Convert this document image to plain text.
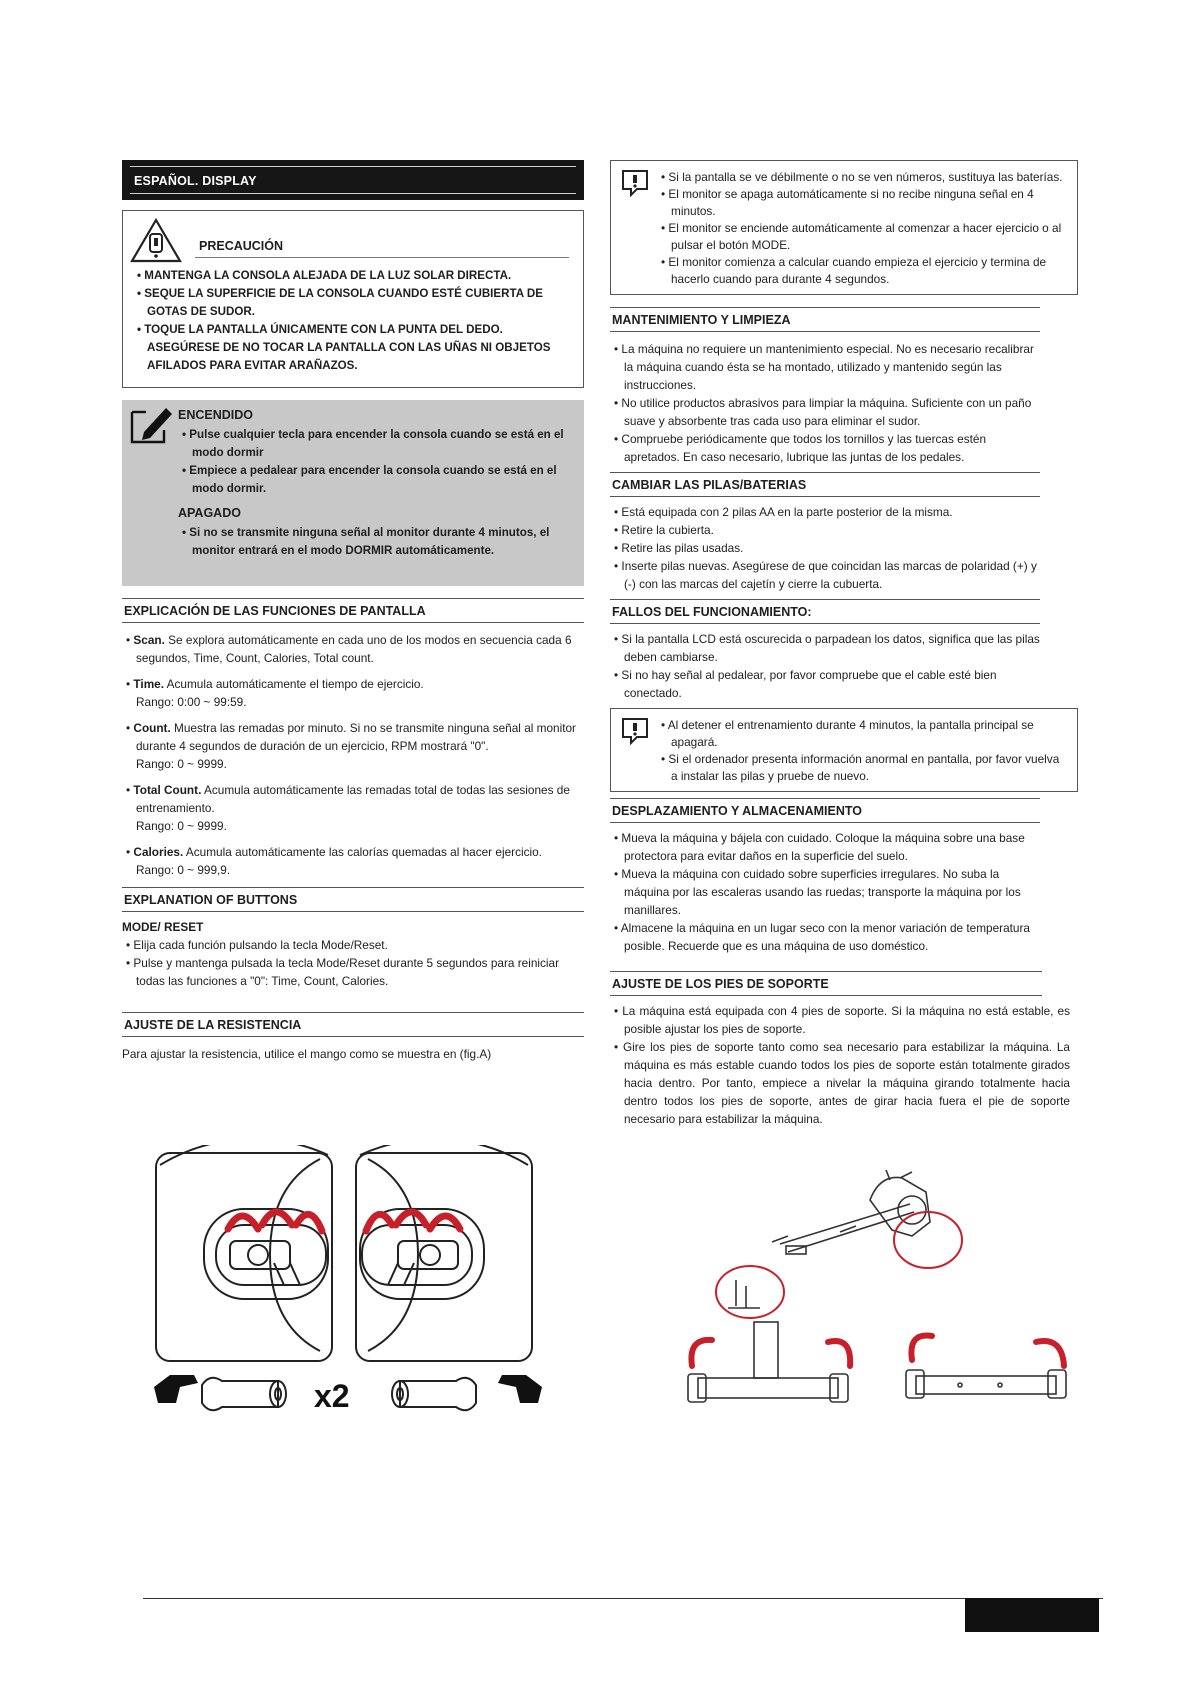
ESPAÑOL. DISPLAY
PRECAUCIÓN
• MANTENGA LA CONSOLA ALEJADA DE LA LUZ SOLAR DIRECTA.
• SEQUE LA SUPERFICIE DE LA CONSOLA CUANDO ESTÉ CUBIERTA DE GOTAS DE SUDOR.
• TOQUE LA PANTALLA ÚNICAMENTE CON LA PUNTA DEL DEDO. ASEGÚRESE DE NO TOCAR LA PANTALLA CON LAS UÑAS NI OBJETOS AFILADOS PARA EVITAR ARAÑAZOS.
ENCENDIDO
• Pulse cualquier tecla para encender la consola cuando se está en el modo dormir
• Empiece a pedalear para encender la consola cuando se está en el modo dormir.
APAGADO
• Si no se transmite ninguna señal al monitor durante 4 minutos, el monitor entrará en el modo DORMIR automáticamente.
EXPLICACIÓN DE LAS FUNCIONES DE PANTALLA
• Scan. Se explora automáticamente en cada uno de los modos en secuencia cada 6 segundos, Time, Count, Calories, Total count.
• Time. Acumula automáticamente el tiempo de ejercicio.
Rango: 0:00 ~ 99:59.
• Count. Muestra las remadas por minuto. Si no se transmite ninguna señal al monitor durante 4 segundos de duración de un ejercicio, RPM mostrará "0".
Rango: 0 ~ 9999.
• Total Count. Acumula automáticamente las remadas total de todas las sesiones de entrenamiento.
Rango: 0 ~ 9999.
• Calories. Acumula automáticamente las calorías quemadas al hacer ejercicio.
Rango: 0 ~ 999,9.
EXPLANATION OF BUTTONS
MODE/ RESET
• Elija cada función pulsando la tecla Mode/Reset.
• Pulse y mantenga pulsada la tecla Mode/Reset durante 5 segundos para reiniciar todas las funciones a "0": Time, Count, Calories.
AJUSTE DE LA RESISTENCIA
Para ajustar la resistencia, utilice el mango como se muestra en (fig.A)
x2
• Si la pantalla se ve débilmente o no se ven números, sustituya las baterías.
• El monitor se apaga automáticamente si no recibe ninguna señal en 4 minutos.
• El monitor se enciende automáticamente al comenzar a hacer ejercicio o al pulsar el botón MODE.
• El monitor comienza a calcular cuando empieza el ejercicio y termina de hacerlo cuando para durante 4 segundos.
MANTENIMIENTO Y LIMPIEZA
• La máquina no requiere un mantenimiento especial. No es necesario recalibrar la máquina cuando ésta se ha montado, utilizado y mantenido según las instrucciones.
• No utilice productos abrasivos para limpiar la máquina. Suficiente con un paño suave y absorbente tras cada uso para eliminar el sudor.
• Compruebe periódicamente que todos los tornillos y las tuercas estén apretados. En caso necesario, lubrique las juntas de los pedales.
CAMBIAR LAS PILAS/BATERIAS
• Está equipada con 2 pilas AA en la parte posterior de la misma.
• Retire la cubierta.
• Retire las pilas usadas.
• Inserte pilas nuevas. Asegúrese de que coincidan las marcas de polaridad (+) y (-) con las marcas del cajetín y cierre la cubuerta.
FALLOS DEL FUNCIONAMIENTO:
• Si la pantalla LCD está oscurecida o parpadean los datos, significa que las pilas deben cambiarse.
• Si no hay señal al pedalear, por favor compruebe que el cable esté bien conectado.
• Al detener el entrenamiento durante 4 minutos, la pantalla principal se apagará.
• Si el ordenador presenta información anormal en pantalla, por favor vuelva a instalar las pilas y pruebe de nuevo.
DESPLAZAMIENTO Y ALMACENAMIENTO
• Mueva la máquina y bájela con cuidado. Coloque la máquina sobre una base protectora para evitar daños en la superficie del suelo.
• Mueva la máquina con cuidado sobre superficies irregulares. No suba la máquina por las escaleras usando las ruedas; transporte la máquina por los manillares.
• Almacene la máquina en un lugar seco con la menor variación de temperatura posible. Recuerde que es una máquina de uso doméstico.
AJUSTE DE LOS PIES DE SOPORTE
• La máquina está equipada con 4 pies de soporte. Si la máquina no está estable, es posible ajustar los pies de soporte.
• Gire los pies de soporte tanto como sea necesario para estabilizar la máquina. La máquina es más estable cuando todos los pies de soporte están totalmente girados hacia dentro. Por tanto, empiece a nivelar la máquina girando totalmente hacia dentro todos los pies de soporte, antes de girar hacia fuera el pie de soporte necesario para estabilizar la máquina.
